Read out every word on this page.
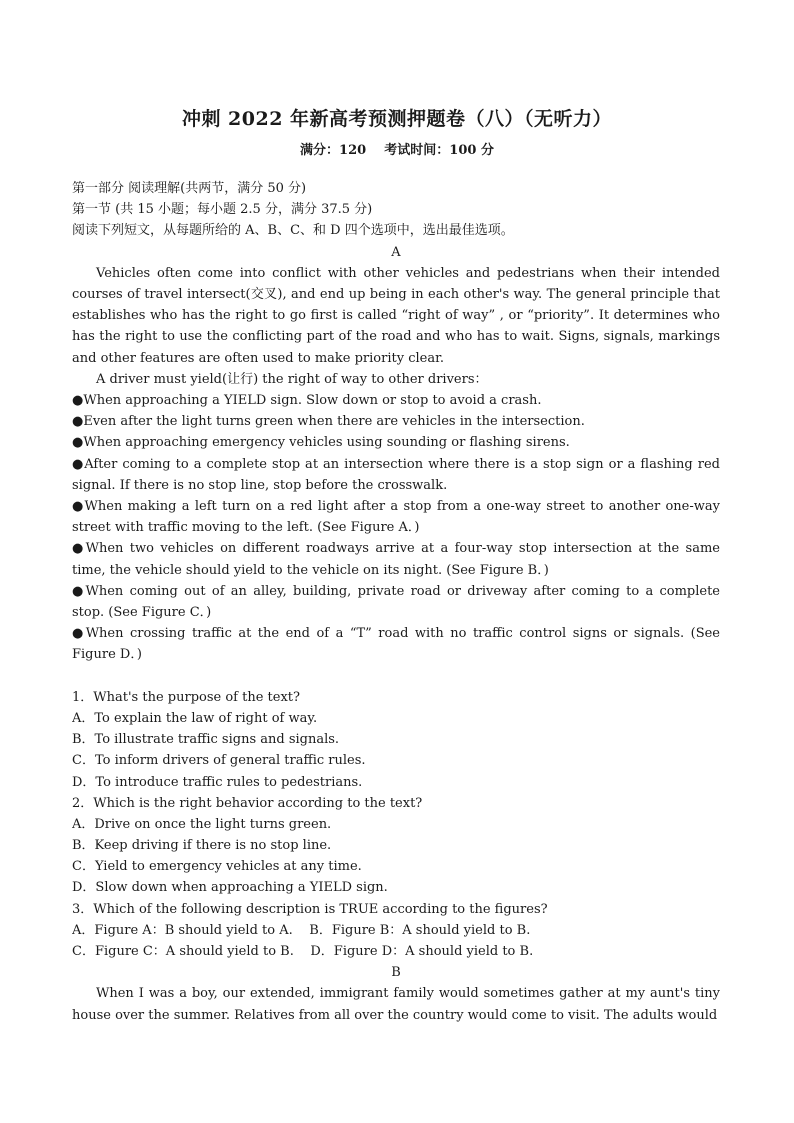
冲刺 2022 年新高考预测押题卷（八）（无听力）
满分：120    考试时间：100 分
第一部分 阅读理解(共两节，满分 50 分)
第一节 (共 15 小题；每小题 2.5 分，满分 37.5 分)
阅读下列短文，从每题所给的 A、B、C、和 D 四个选项中，选出最佳选项。
A

Vehicles often come into conflict with other vehicles and pedestrians when their intended courses of travel intersect(交叉), and end up being in each other's way. The general principle that establishes who has the right to go first is called “right of way” , or “priority”. It determines who has the right to use the conflicting part of the road and who has to wait. Signs, signals, markings and other features are often used to make priority clear.

A driver must yield(让行) the right of way to other drivers：

●When approaching a YIELD sign. Slow down or stop to avoid a crash.

●Even after the light turns green when there are vehicles in the intersection.

●When approaching emergency vehicles using sounding or flashing sirens.

●After coming to a complete stop at an intersection where there is a stop sign or a flashing red signal. If there is no stop line, stop before the crosswalk.

●When making a left turn on a red light after a stop from a one-way street to another one-way street with traffic moving to the left. (See Figure A．)

●When two vehicles on different roadways arrive at a four-way stop intersection at the same time, the vehicle should yield to the vehicle on its night. (See Figure B．)

●When coming out of an alley, building, private road or driveway after coming to a complete stop. (See Figure C．)

●When crossing traffic at the end of a “T” road with no traffic control signs or signals. (See Figure D．)

1．What's the purpose of the text?
A．To explain the law of right of way.
B．To illustrate traffic signs and signals.
C．To inform drivers of general traffic rules.
D．To introduce traffic rules to pedestrians.
2．Which is the right behavior according to the text?
A．Drive on once the light turns green.
B．Keep driving if there is no stop line.
C．Yield to emergency vehicles at any time.
D．Slow down when approaching a YIELD sign.
3．Which of the following description is TRUE according to the figures?
A．Figure A：B should yield to A.    B．Figure B：A should yield to B.
C．Figure C：A should yield to B.    D．Figure D：A should yield to B.
B

When I was a boy, our extended, immigrant family would sometimes gather at my aunt's tiny house over the summer. Relatives from all over the country would come to visit. The adults would
